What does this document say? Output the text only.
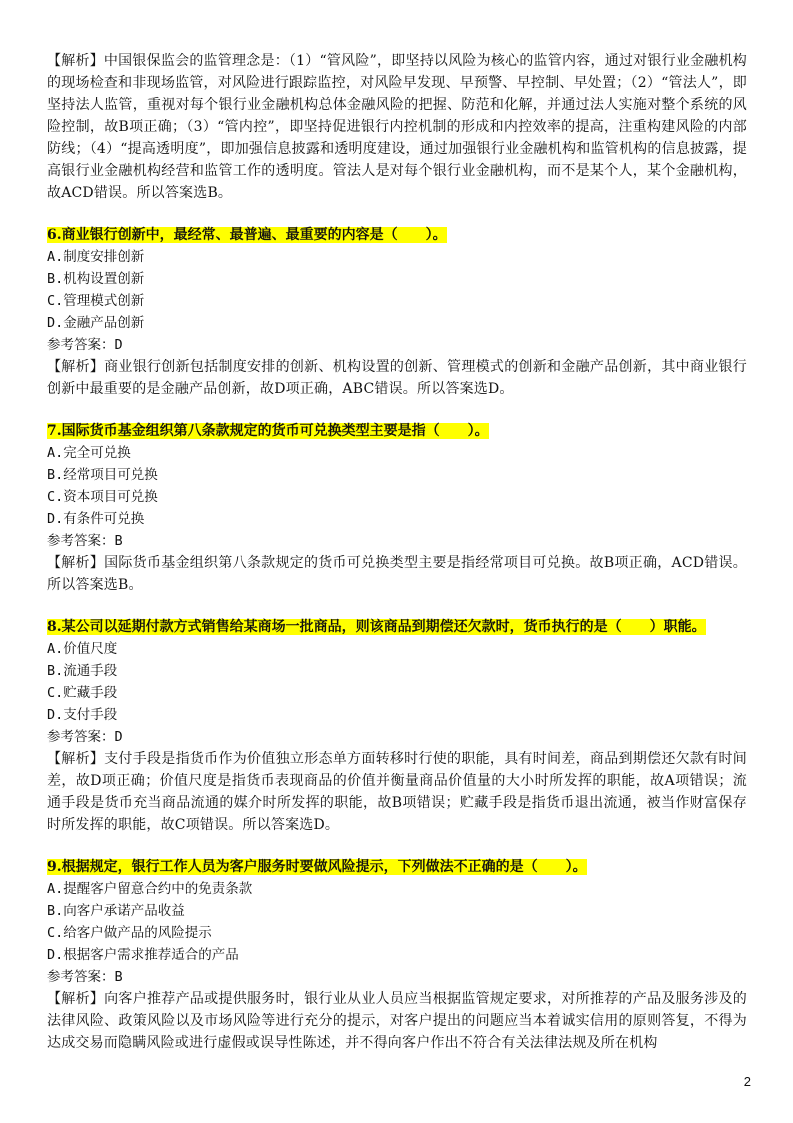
【解析】中国银保监会的监管理念是：（1）“管风险”，即坚持以风险为核心的监管内容，通过对银行业金融机构的现场检查和非现场监管，对风险进行跟踪监控，对风险早发现、早预警、早控制、早处置；（2）“管法人”，即坚持法人监管，重视对每个银行业金融机构总体金融风险的把握、防范和化解，并通过法人实施对整个系统的风险控制，故B项正确；（3）“管内控”，即坚持促进银行内控机制的形成和内控效率的提高，注重构建风险的内部防线；（4）“提高透明度”，即加强信息披露和透明度建设，通过加强银行业金融机构和监管机构的信息披露，提高银行业金融机构经营和监管工作的透明度。管法人是对每个银行业金融机构，而不是某个人，某个金融机构，故ACD错误。所以答案选B。

6.商业银行创新中，最经常、最普遍、最重要的内容是（　　）。

A.制度安排创新

B.机构设置创新

C.管理模式创新

D.金融产品创新

参考答案：D

【解析】商业银行创新包括制度安排的创新、机构设置的创新、管理模式的创新和金融产品创新，其中商业银行创新中最重要的是金融产品创新，故D项正确，ABC错误。所以答案选D。

7.国际货币基金组织第八条款规定的货币可兑换类型主要是指（　　）。

A.完全可兑换

B.经常项目可兑换

C.资本项目可兑换

D.有条件可兑换

参考答案：B

【解析】国际货币基金组织第八条款规定的货币可兑换类型主要是指经常项目可兑换。故B项正确，ACD错误。所以答案选B。

8.某公司以延期付款方式销售给某商场一批商品，则该商品到期偿还欠款时，货币执行的是（　　）职能。

A.价值尺度

B.流通手段

C.贮藏手段

D.支付手段

参考答案：D

【解析】支付手段是指货币作为价值独立形态单方面转移时行使的职能，具有时间差，商品到期偿还欠款有时间差，故D项正确；价值尺度是指货币表现商品的价值并衡量商品价值量的大小时所发挥的职能，故A项错误；流通手段是货币充当商品流通的媒介时所发挥的职能，故B项错误；贮藏手段是指货币退出流通，被当作财富保存时所发挥的职能，故C项错误。所以答案选D。

9.根据规定，银行工作人员为客户服务时要做风险提示，下列做法不正确的是（　　）。

A.提醒客户留意合约中的免责条款

B.向客户承诺产品收益

C.给客户做产品的风险提示

D.根据客户需求推荐适合的产品

参考答案：B

【解析】向客户推荐产品或提供服务时，银行业从业人员应当根据监管规定要求，对所推荐的产品及服务涉及的法律风险、政策风险以及市场风险等进行充分的提示，对客户提出的问题应当本着诚实信用的原则答复，不得为达成交易而隐瞒风险或进行虚假或误导性陈述，并不得向客户作出不符合有关法律法规及所在机构

2
